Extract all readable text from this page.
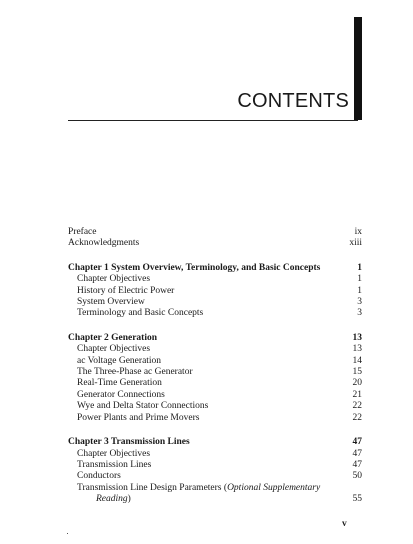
CONTENTS
Preface	ix
Acknowledgments	xiii
Chapter 1 System Overview, Terminology, and Basic Concepts	1
Chapter Objectives	1
History of Electric Power	1
System Overview	3
Terminology and Basic Concepts	3
Chapter 2 Generation	13
Chapter Objectives	13
ac Voltage Generation	14
The Three-Phase ac Generator	15
Real-Time Generation	20
Generator Connections	21
Wye and Delta Stator Connections	22
Power Plants and Prime Movers	22
Chapter 3 Transmission Lines	47
Chapter Objectives	47
Transmission Lines	47
Conductors	50
Transmission Line Design Parameters (Optional Supplementary
Reading)	55
v
